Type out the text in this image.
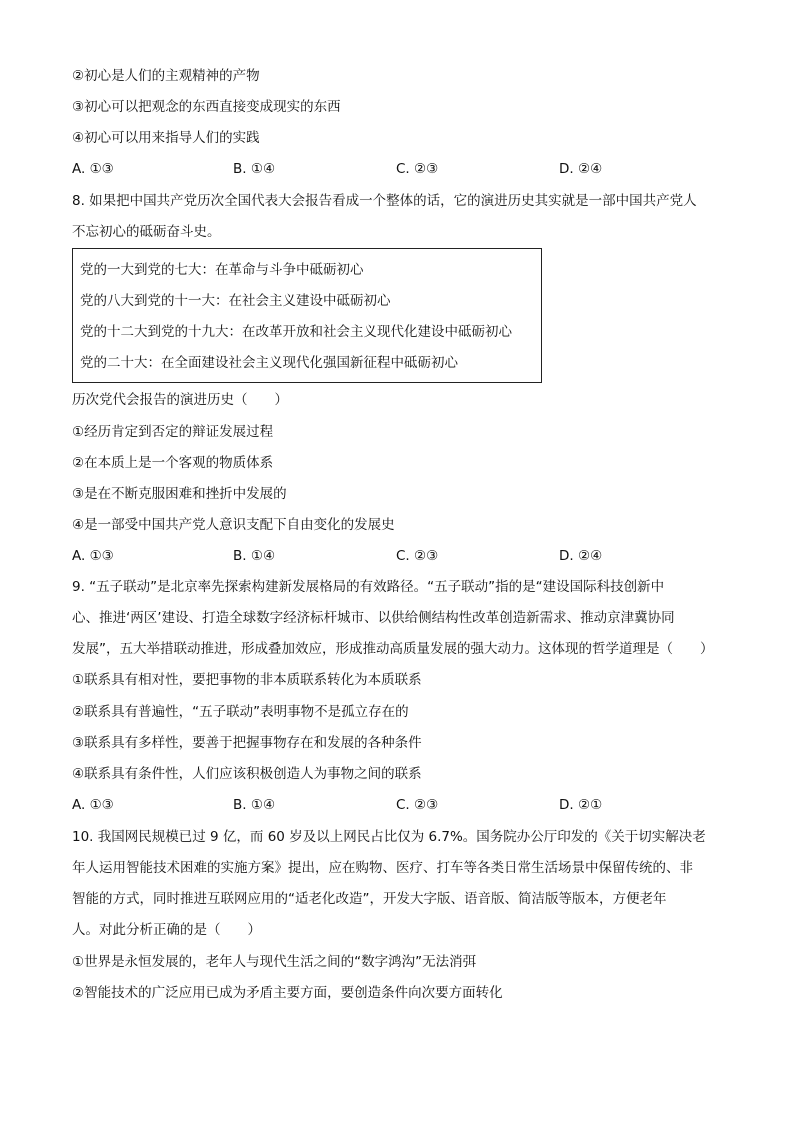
②初心是人们的主观精神的产物
③初心可以把观念的东西直接变成现实的东西
④初心可以用来指导人们的实践
A. ①③	B. ①④	C. ②③	D. ②④
8. 如果把中国共产党历次全国代表大会报告看成一个整体的话，它的演进历史其实就是一部中国共产党人
不忘初心的砥砺奋斗史。
党的一大到党的七大：在革命与斗争中砥砺初心
党的八大到党的十一大：在社会主义建设中砥砺初心
党的十二大到党的十九大：在改革开放和社会主义现代化建设中砥砺初心
党的二十大：在全面建设社会主义现代化强国新征程中砥砺初心
历次党代会报告的演进历史（　　）
①经历肯定到否定的辩证发展过程
②在本质上是一个客观的物质体系
③是在不断克服困难和挫折中发展的
④是一部受中国共产党人意识支配下自由变化的发展史
A. ①③	B. ①④	C. ②③	D. ②④
9. “五子联动”是北京率先探索构建新发展格局的有效路径。“五子联动”指的是“建设国际科技创新中
心、推进‘两区’建设、打造全球数字经济标杆城市、以供给侧结构性改革创造新需求、推动京津冀协同
发展”，五大举措联动推进，形成叠加效应，形成推动高质量发展的强大动力。这体现的哲学道理是（　　）
①联系具有相对性，要把事物的非本质联系转化为本质联系
②联系具有普遍性，“五子联动”表明事物不是孤立存在的
③联系具有多样性，要善于把握事物存在和发展的各种条件
④联系具有条件性，人们应该积极创造人为事物之间的联系
A. ①③	B. ①④	C. ②③	D. ②①
10. 我国网民规模已过 9 亿，而 60 岁及以上网民占比仅为 6.7%。国务院办公厅印发的《关于切实解决老
年人运用智能技术困难的实施方案》提出，应在购物、医疗、打车等各类日常生活场景中保留传统的、非
智能的方式，同时推进互联网应用的“适老化改造”，开发大字版、语音版、简洁版等版本，方便老年
人。对此分析正确的是（　　）
①世界是永恒发展的，老年人与现代生活之间的“数字鸿沟”无法消弭
②智能技术的广泛应用已成为矛盾主要方面，要创造条件向次要方面转化
